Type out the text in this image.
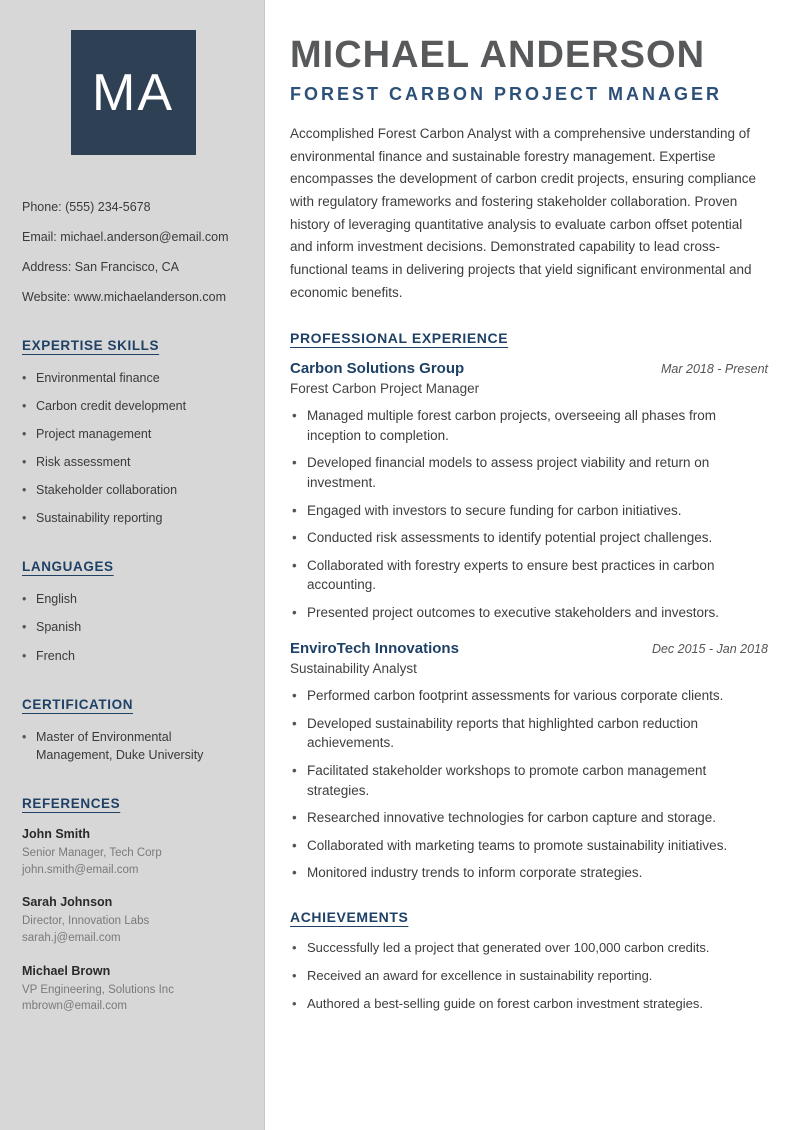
MA

Phone: (555) 234-5678

Email: michael.anderson@email.com

Address: San Francisco, CA

Website: www.michaelanderson.com

EXPERTISE SKILLS
• Environmental finance
• Carbon credit development
• Project management
• Risk assessment
• Stakeholder collaboration
• Sustainability reporting
LANGUAGES
• English
• Spanish
• French
CERTIFICATION
• Master of Environmental Management, Duke University
REFERENCES

John Smith

Senior Manager, Tech Corp

john.smith@email.com

Sarah Johnson

Director, Innovation Labs

sarah.j@email.com

Michael Brown

VP Engineering, Solutions Inc

mbrown@email.com

MICHAEL ANDERSON
FOREST CARBON PROJECT MANAGER

Accomplished Forest Carbon Analyst with a comprehensive understanding of environmental finance and sustainable forestry management. Expertise encompasses the development of carbon credit projects, ensuring compliance with regulatory frameworks and fostering stakeholder collaboration. Proven history of leveraging quantitative analysis to evaluate carbon offset potential and inform investment decisions. Demonstrated capability to lead cross-functional teams in delivering projects that yield significant environmental and economic benefits.

PROFESSIONAL EXPERIENCE
Carbon Solutions Group	Mar 2018 - Present

Forest Carbon Project Manager

• Managed multiple forest carbon projects, overseeing all phases from inception to completion.
• Developed financial models to assess project viability and return on investment.
• Engaged with investors to secure funding for carbon initiatives.
• Conducted risk assessments to identify potential project challenges.
• Collaborated with forestry experts to ensure best practices in carbon accounting.
• Presented project outcomes to executive stakeholders and investors.
EnviroTech Innovations	Dec 2015 - Jan 2018

Sustainability Analyst

• Performed carbon footprint assessments for various corporate clients.
• Developed sustainability reports that highlighted carbon reduction achievements.
• Facilitated stakeholder workshops to promote carbon management strategies.
• Researched innovative technologies for carbon capture and storage.
• Collaborated with marketing teams to promote sustainability initiatives.
• Monitored industry trends to inform corporate strategies.
ACHIEVEMENTS
• Successfully led a project that generated over 100,000 carbon credits.
• Received an award for excellence in sustainability reporting.
• Authored a best-selling guide on forest carbon investment strategies.
